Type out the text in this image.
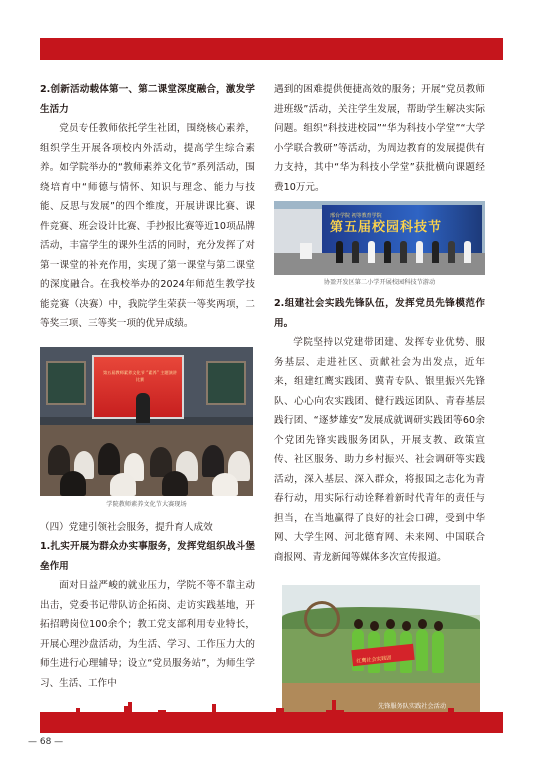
2.创新活动载体第一、第二课堂深度融合，激发学生活力

党员专任教师依托学生社团，围绕核心素养，组织学生开展各项校内外活动，提高学生综合素养。如学院举办的“教师素养文化节”系列活动，围绕培育中“师德与情怀、知识与理念、能力与技能、反思与发展”的四个维度，开展讲课比赛、课件竞赛、班会设计比赛、手抄报比赛等近10项品牌活动，丰富学生的课外生活的同时，充分发挥了对第一课堂的补充作用，实现了第一课堂与第二课堂的深度融合。在我校举办的2024年师范生教学技能竞赛（决赛）中，我院学生荣获一等奖两项，二等奖三项、三等奖一项的优异成绩。

第五届教师素养文化节 “素养” 主题演讲比赛
学院教师素养文化节大赛现场

（四）党建引领社会服务，提升育人成效

1.扎实开展为群众办实事服务，发挥党组织战斗堡垒作用

面对日益严峻的就业压力，学院不等不靠主动出击，党委书记带队访企拓岗、走访实践基地，开拓招聘岗位100余个；教工党支部利用专业特长，开展心理沙盘活动，为生活、学习、工作压力大的师生进行心理辅导；设立“党员服务站”，为师生学习、生活、工作中

遇到的困难提供便捷高效的服务；开展“党员教师进班级”活动，关注学生发展，帮助学生解决实际问题。组织“科技进校园”“华为科技小学堂”“大学小学联合教研”等活动，为周边教育的发展提供有力支持，其中“华为科技小学堂”获批横向课题经费10万元。

邢台学院 初等教育学院
第五届校园科技节
协盈开发区第二小学开展校园科技节游动

2.组建社会实践先锋队伍，发挥党员先锋模范作用。

学院坚持以党建带团建、发挥专业优势、服务基层、走进社区、贡献社会为出发点，近年来，组建红鹰实践团、冀青专队、银里振兴先锋队、心心向农实践团、健行践远团队、青春基层践行团、“逐梦雄安”发展成就调研实践团等60余个党团先锋实践服务团队，开展支教、政策宣传、社区服务、助力乡村振兴、社会调研等实践活动，深入基层、深入群众，将报国之志化为青春行动，用实际行动诠释着新时代青年的责任与担当，在当地赢得了良好的社会口碑，受到中华网、大学生网、河北德育网、未来网、中国联合商报网、青龙新闻等媒体多次宣传报道。

红鹰社会实践团
先锋服务队实践社会活动
— 68 —
